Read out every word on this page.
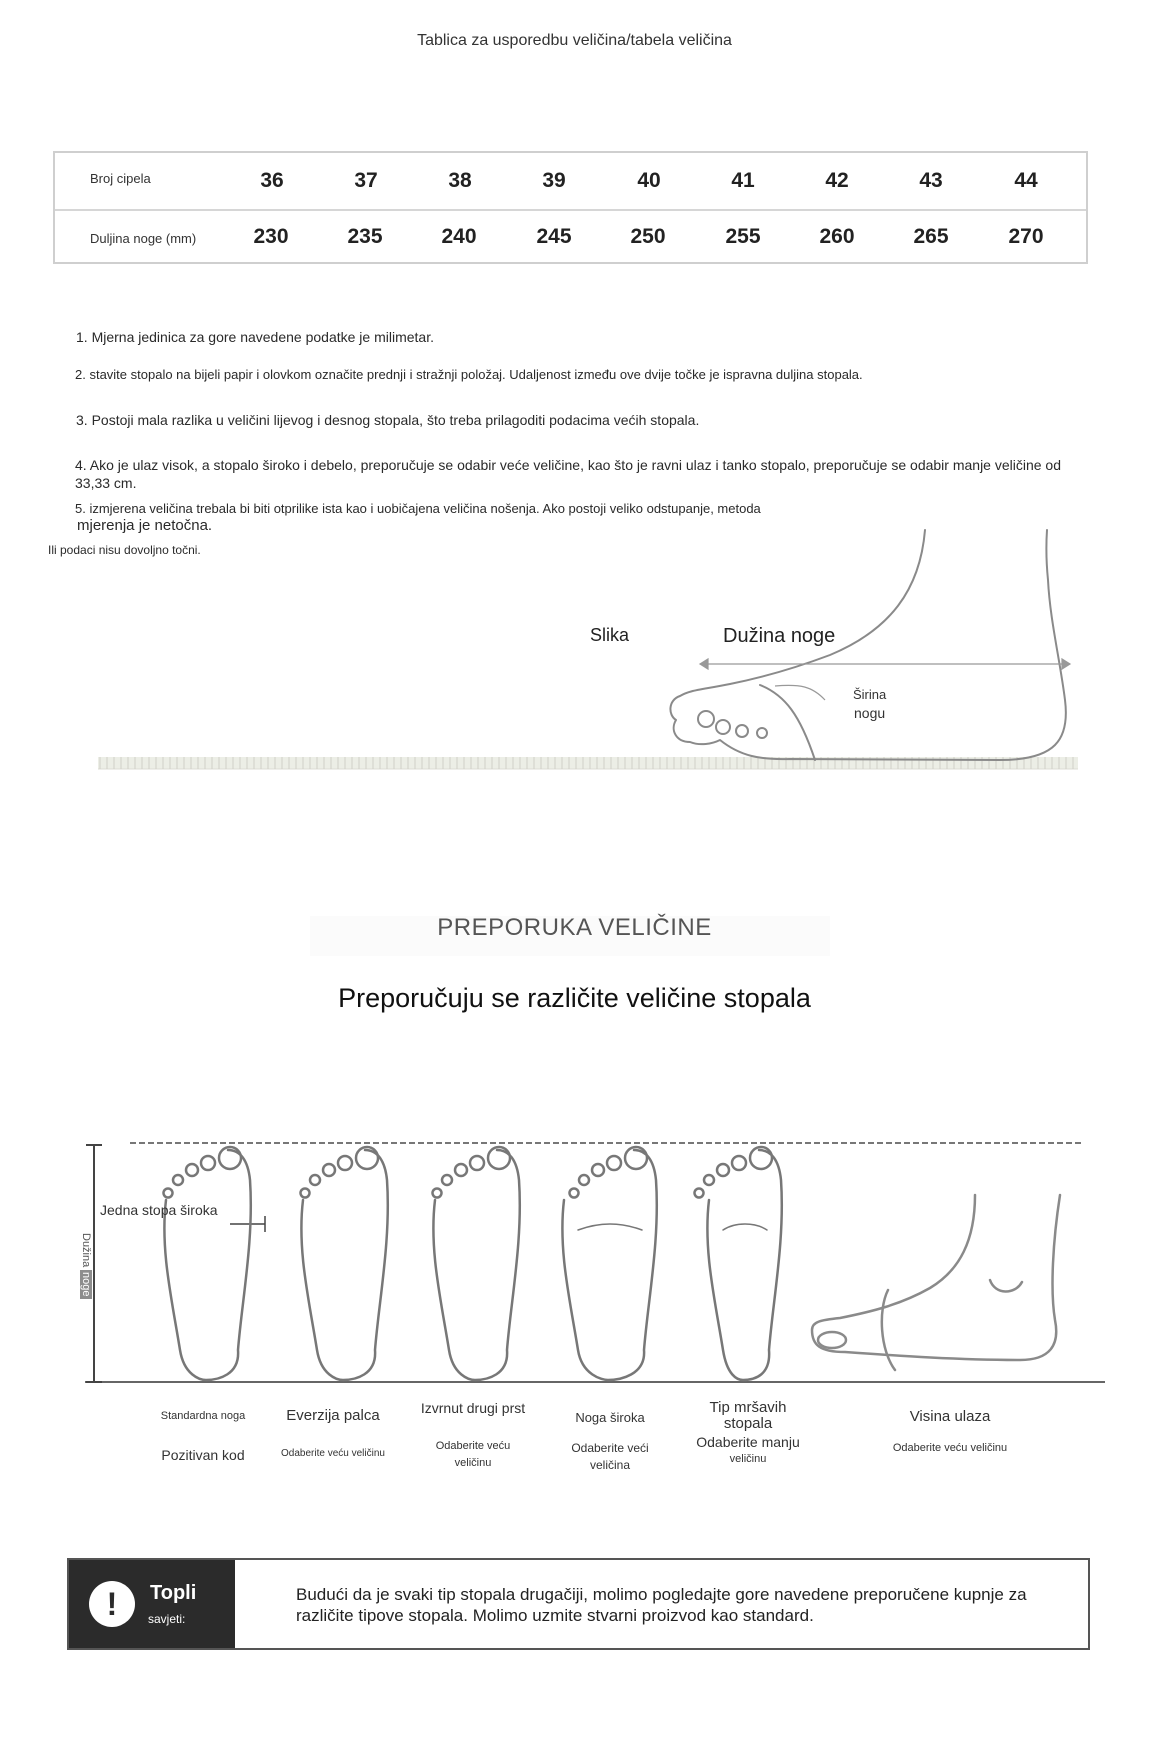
Tablica za usporedbu veličina/tabela veličina
Broj cipela	36	37	38	39	40	41	42	43	44
Duljina noge (mm)	230	235	240	245	250	255	260	265	270
1. Mjerna jedinica za gore navedene podatke je milimetar.
2. stavite stopalo na bijeli papir i olovkom označite prednji i stražnji položaj. Udaljenost između ove dvije točke je ispravna duljina stopala.
3. Postoji mala razlika u veličini lijevog i desnog stopala, što treba prilagoditi podacima većih stopala.
4. Ako je ulaz visok, a stopalo široko i debelo, preporučuje se odabir veće veličine, kao što je ravni ulaz i tanko stopalo, preporučuje se odabir manje veličine od 33,33 cm.
5. izmjerena veličina trebala bi biti otprilike ista kao i uobičajena veličina nošenja. Ako postoji veliko odstupanje, metoda
mjerenja je netočna.
Ili podaci nisu dovoljno točni.
Slika	Dužina noge
Širina
nogu
PREPORUKA VELIČINE
Preporučuju se različite veličine stopala
Jedna stopa široka
Dužina noge
Standardna noga
Pozitivan kod
Everzija palca
Odaberite veću veličinu
Izvrnut drugi prst
Odaberite veću veličinu
Noga široka
Odaberite veći veličina
Tip mršavih stopala
Odaberite manju
veličinu
Visina ulaza
Odaberite veću veličinu
!	Topli
savjeti:
Budući da je svaki tip stopala drugačiji, molimo pogledajte gore navedene preporučene kupnje za različite tipove stopala. Molimo uzmite stvarni proizvod kao standard.
